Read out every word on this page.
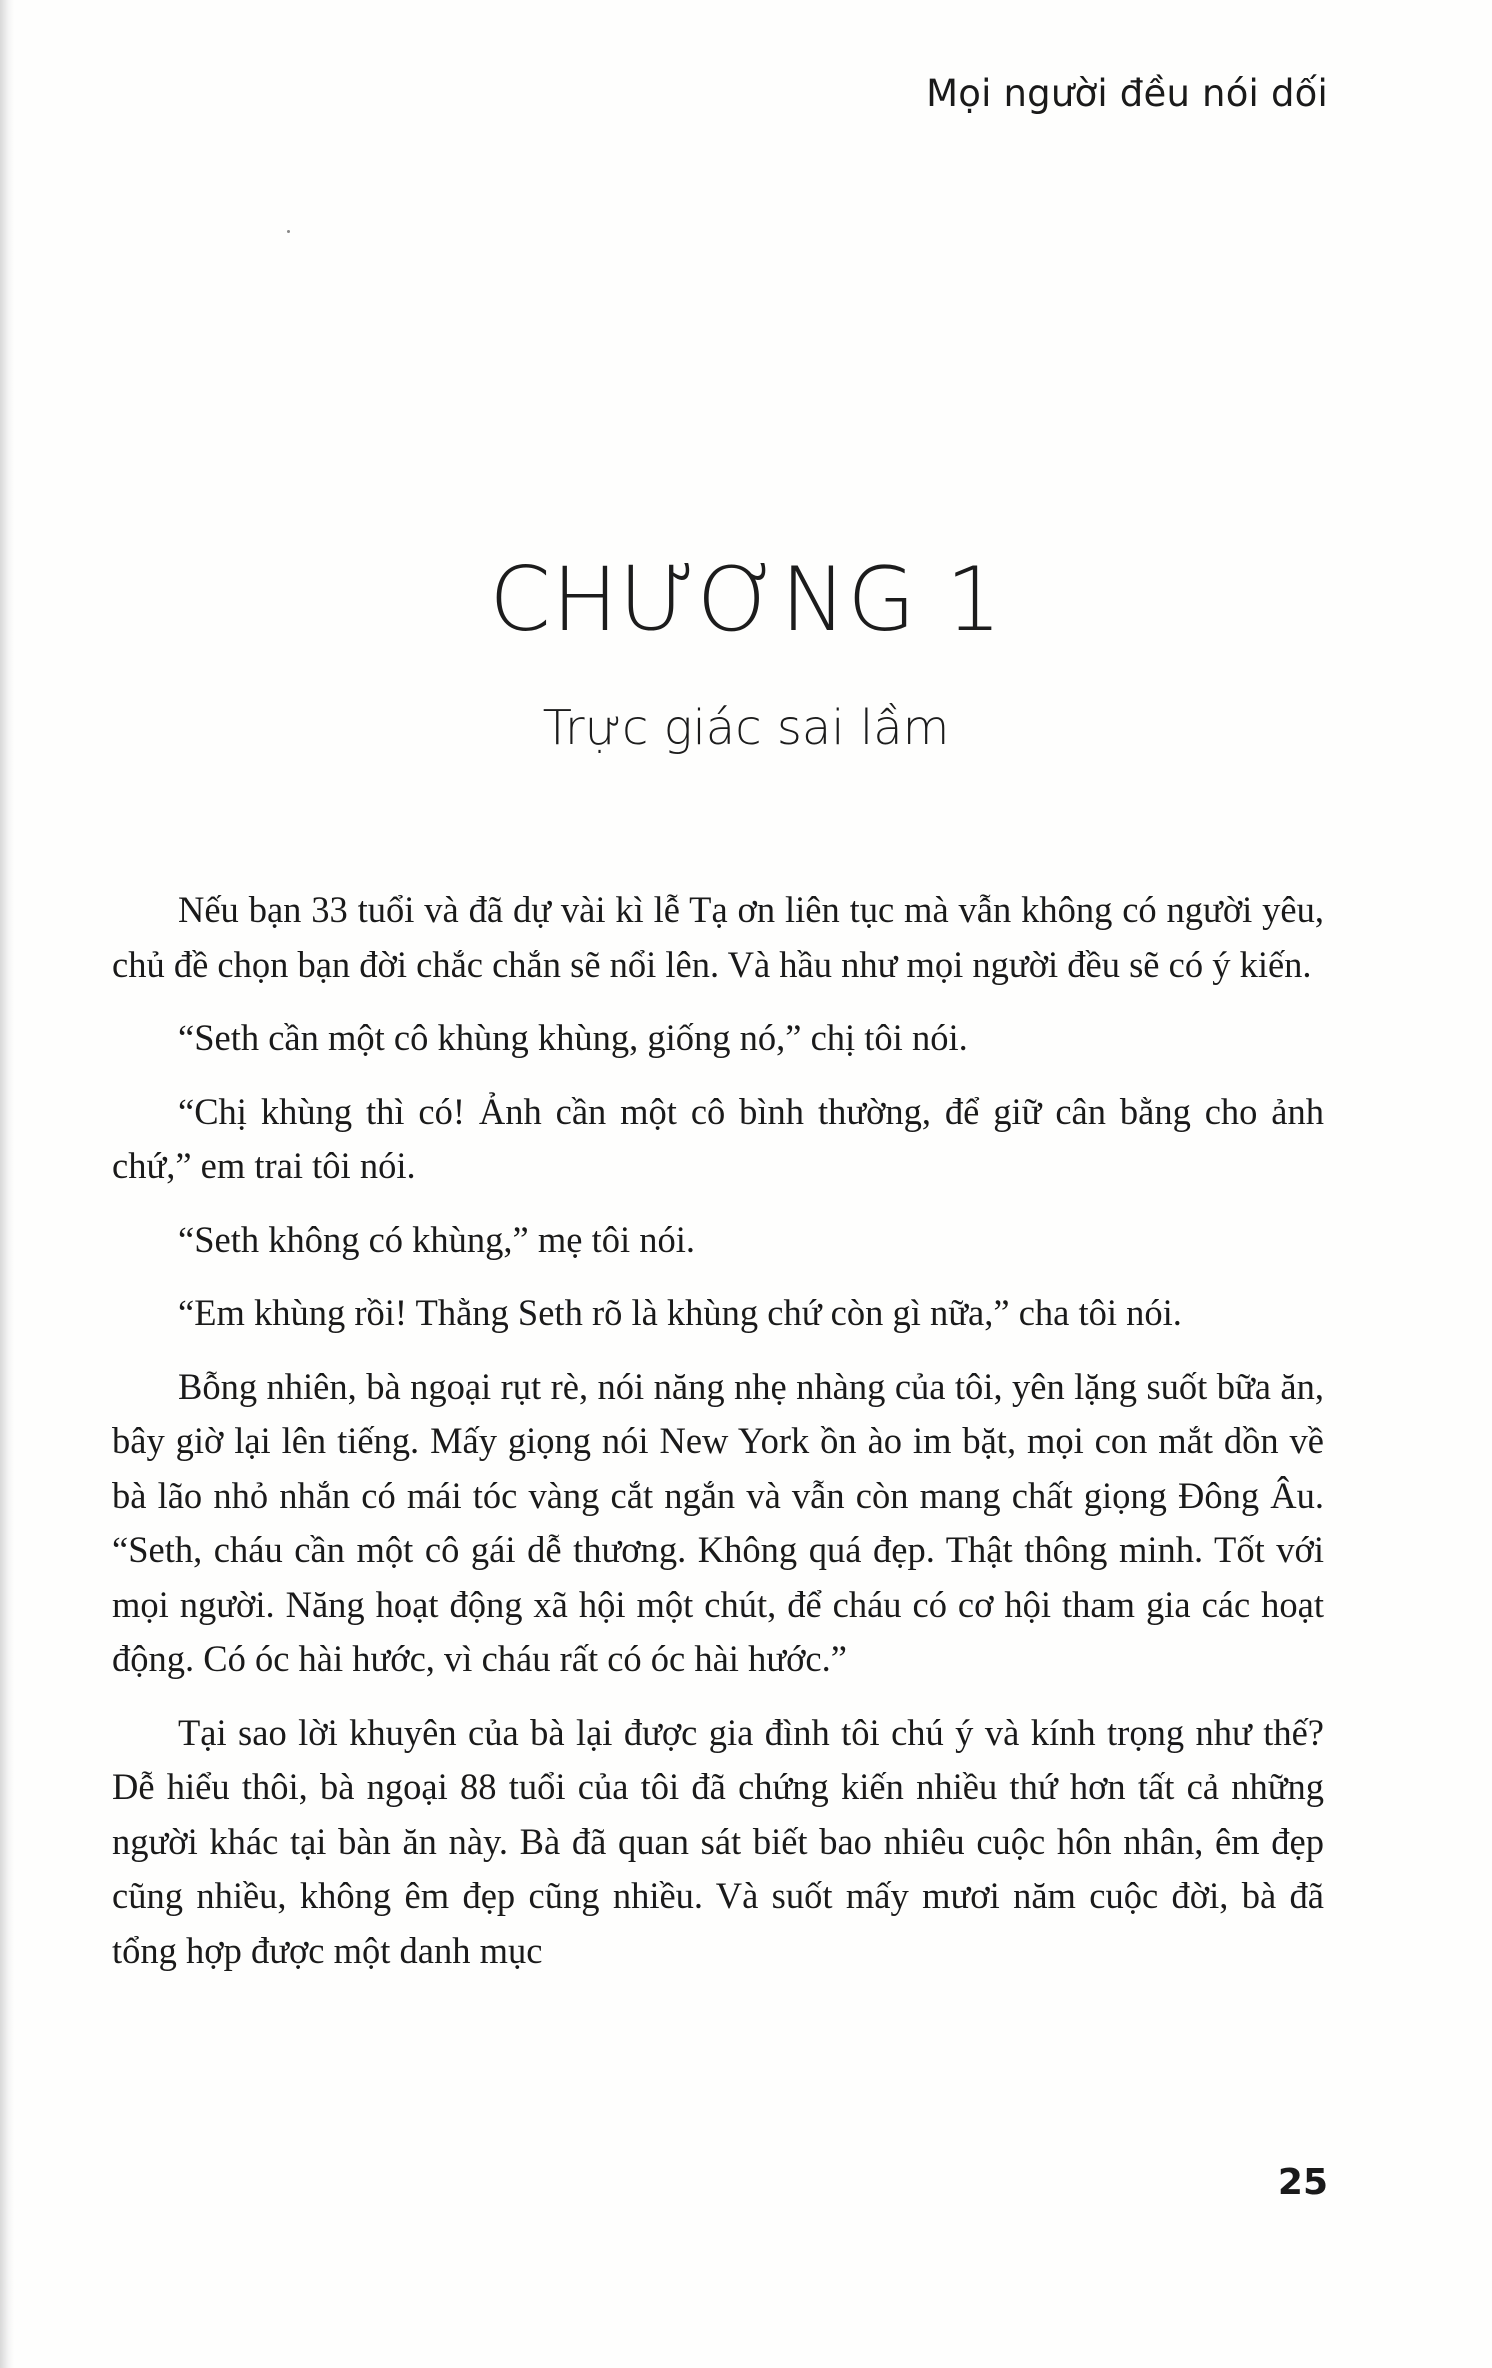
Mọi người đều nói dối
CHƯƠNG 1
Trực giác sai lầm

Nếu bạn 33 tuổi và đã dự vài kì lễ Tạ ơn liên tục mà vẫn không có người yêu, chủ đề chọn bạn đời chắc chắn sẽ nổi lên. Và hầu như mọi người đều sẽ có ý kiến.

“Seth cần một cô khùng khùng, giống nó,” chị tôi nói.

“Chị khùng thì có! Ảnh cần một cô bình thường, để giữ cân bằng cho ảnh chứ,” em trai tôi nói.

“Seth không có khùng,” mẹ tôi nói.

“Em khùng rồi! Thằng Seth rõ là khùng chứ còn gì nữa,” cha tôi nói.

Bỗng nhiên, bà ngoại rụt rè, nói năng nhẹ nhàng của tôi, yên lặng suốt bữa ăn, bây giờ lại lên tiếng. Mấy giọng nói New York ồn ào im bặt, mọi con mắt dồn về bà lão nhỏ nhắn có mái tóc vàng cắt ngắn và vẫn còn mang chất giọng Đông Âu. “Seth, cháu cần một cô gái dễ thương. Không quá đẹp. Thật thông minh. Tốt với mọi người. Năng hoạt động xã hội một chút, để cháu có cơ hội tham gia các hoạt động. Có óc hài hước, vì cháu rất có óc hài hước.”

Tại sao lời khuyên của bà lại được gia đình tôi chú ý và kính trọng như thế? Dễ hiểu thôi, bà ngoại 88 tuổi của tôi đã chứng kiến nhiều thứ hơn tất cả những người khác tại bàn ăn này. Bà đã quan sát biết bao nhiêu cuộc hôn nhân, êm đẹp cũng nhiều, không êm đẹp cũng nhiều. Và suốt mấy mươi năm cuộc đời, bà đã tổng hợp được một danh mục

25
